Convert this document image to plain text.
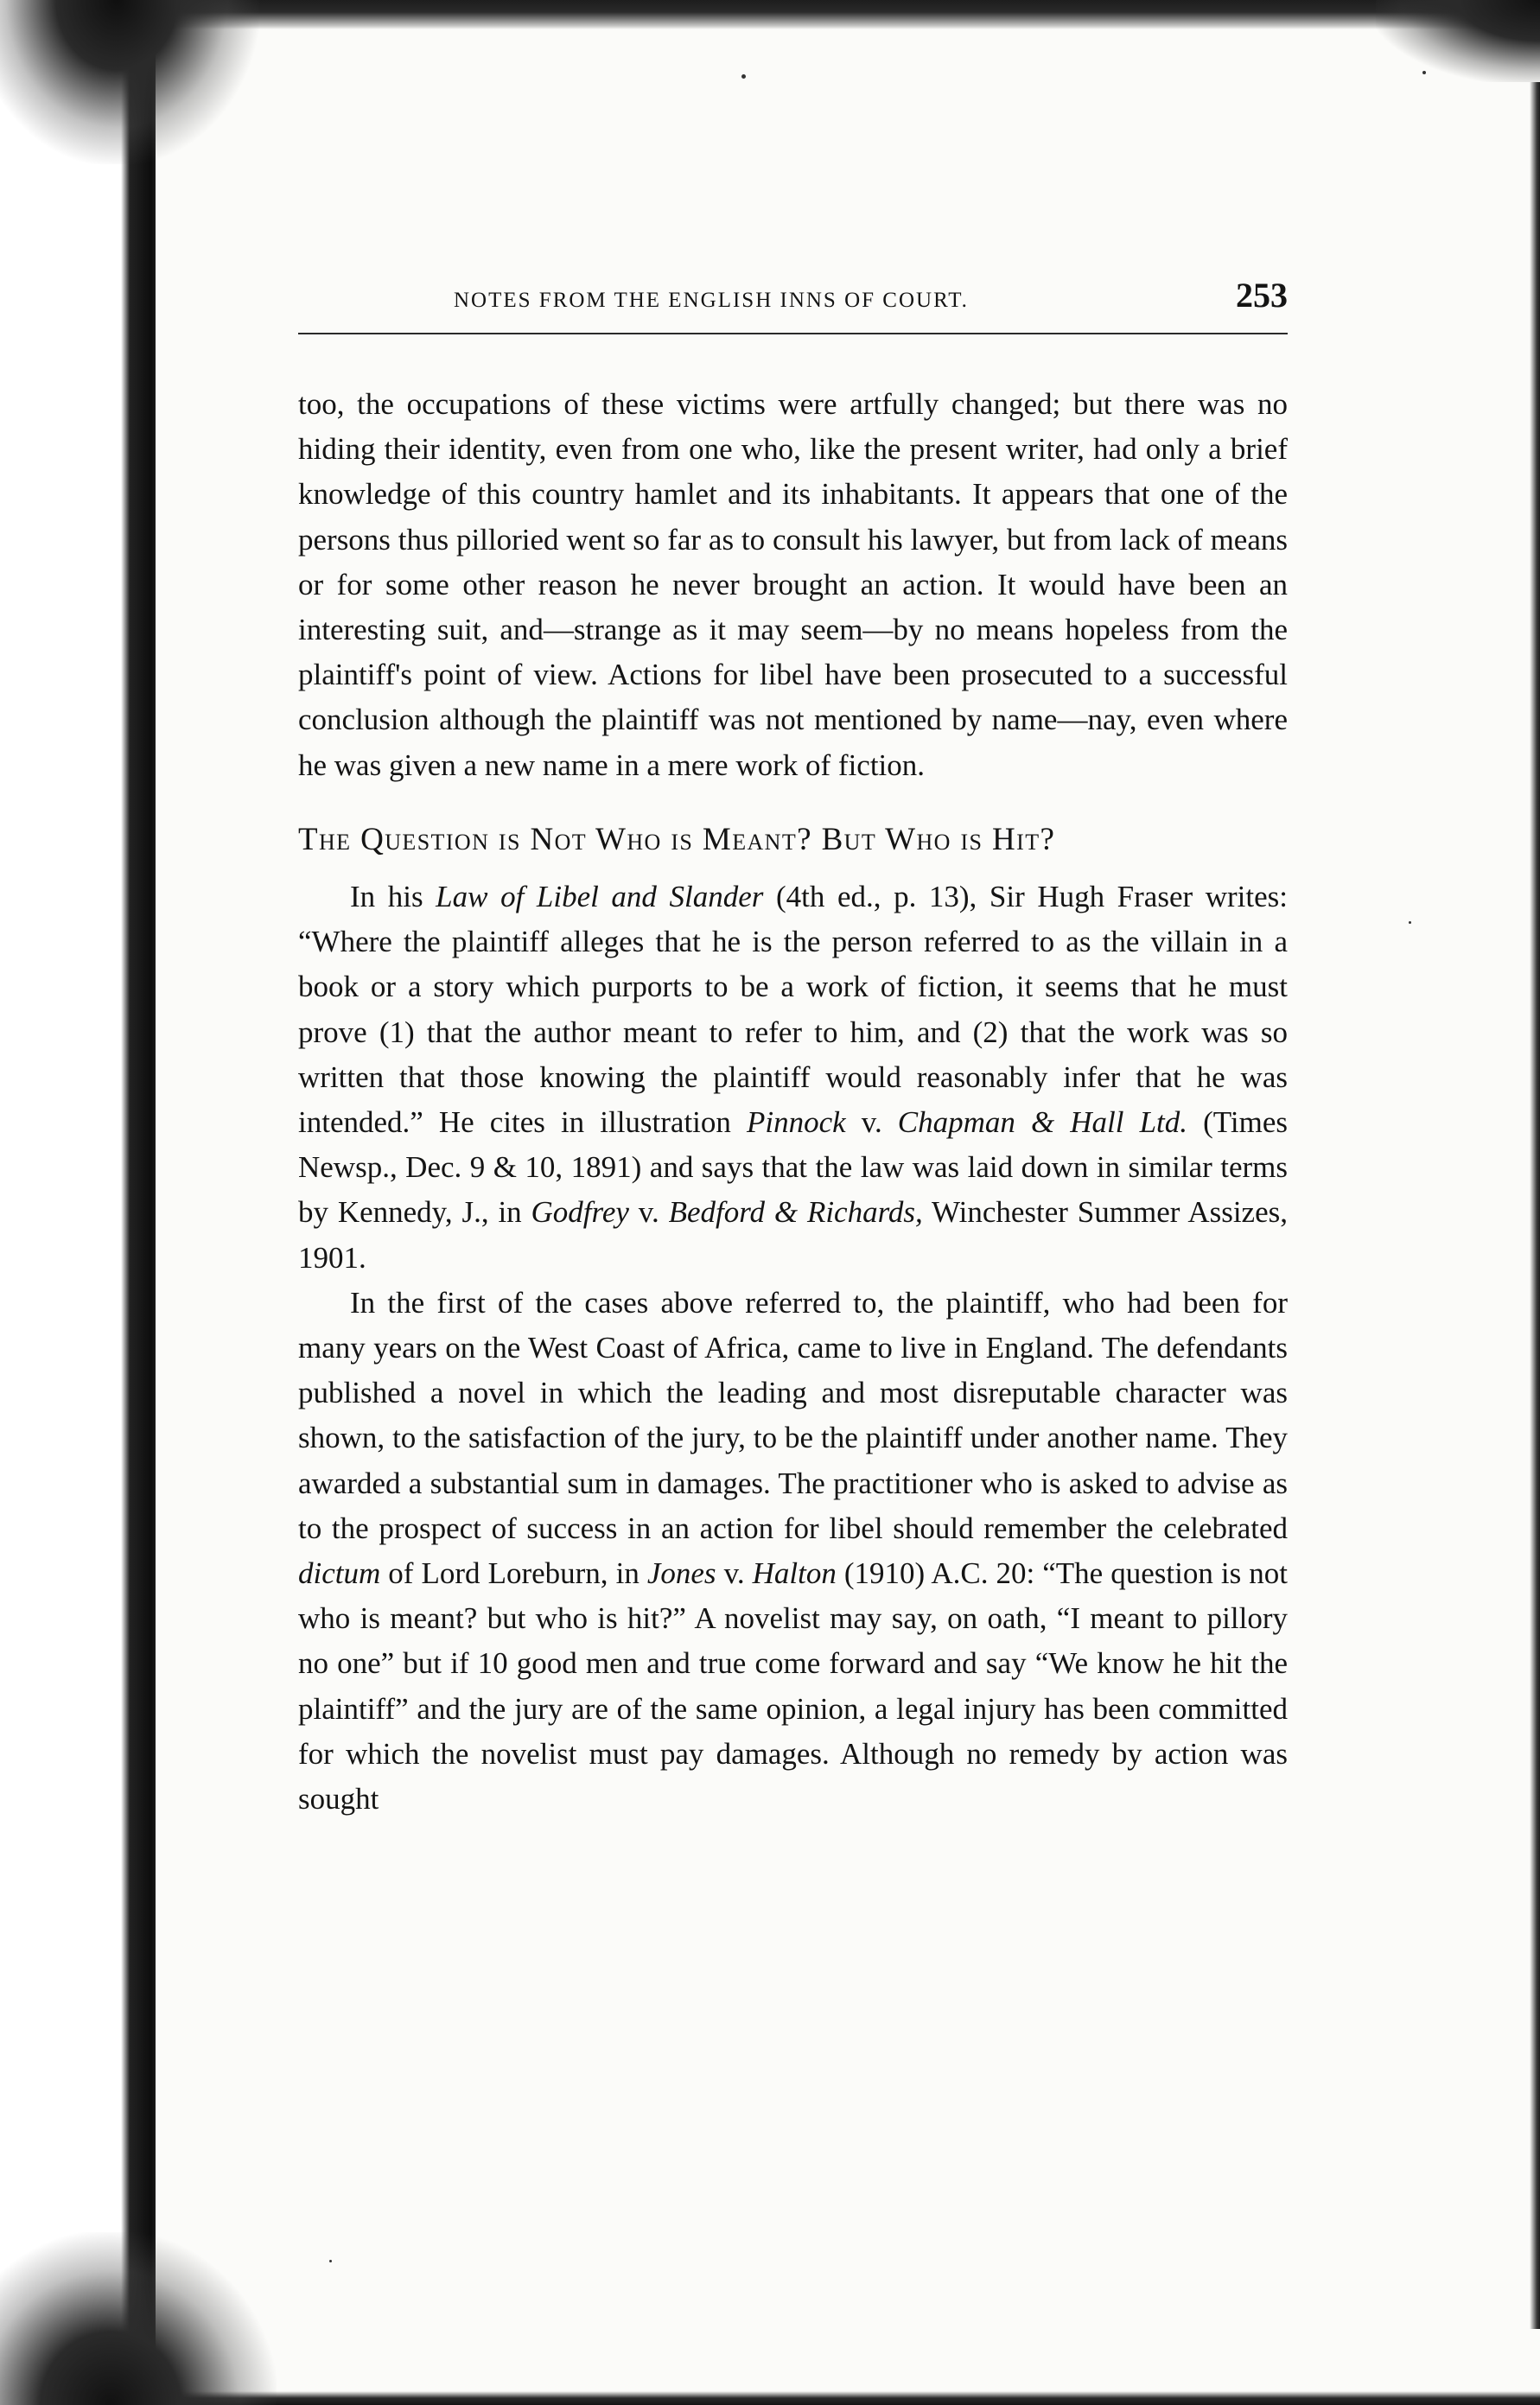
NOTES FROM THE ENGLISH INNS OF COURT.	253

too, the occupations of these victims were artfully changed; but there was no hiding their identity, even from one who, like the present writer, had only a brief knowledge of this country hamlet and its inhabitants. It appears that one of the persons thus pilloried went so far as to consult his lawyer, but from lack of means or for some other reason he never brought an action. It would have been an interesting suit, and—strange as it may seem—by no means hopeless from the plaintiff's point of view. Actions for libel have been prosecuted to a successful conclusion although the plaintiff was not mentioned by name—nay, even where he was given a new name in a mere work of fiction.

The Question is Not Who is Meant? But Who is Hit?

In his Law of Libel and Slander (4th ed., p. 13), Sir Hugh Fraser writes: “Where the plaintiff alleges that he is the person referred to as the villain in a book or a story which purports to be a work of fiction, it seems that he must prove (1) that the author meant to refer to him, and (2) that the work was so written that those knowing the plaintiff would reasonably infer that he was intended.” He cites in illustration Pinnock v. Chapman & Hall Ltd. (Times Newsp., Dec. 9 & 10, 1891) and says that the law was laid down in similar terms by Kennedy, J., in Godfrey v. Bedford & Richards, Winchester Summer Assizes, 1901.

In the first of the cases above referred to, the plaintiff, who had been for many years on the West Coast of Africa, came to live in England. The defendants published a novel in which the leading and most disreputable character was shown, to the satisfaction of the jury, to be the plaintiff under another name. They awarded a substantial sum in damages. The practitioner who is asked to advise as to the prospect of success in an action for libel should remember the celebrated dictum of Lord Loreburn, in Jones v. Halton (1910) A.C. 20: “The question is not who is meant? but who is hit?” A novelist may say, on oath, “I meant to pillory no one” but if 10 good men and true come forward and say “We know he hit the plaintiff” and the jury are of the same opinion, a legal injury has been committed for which the novelist must pay damages. Although no remedy by action was sought
